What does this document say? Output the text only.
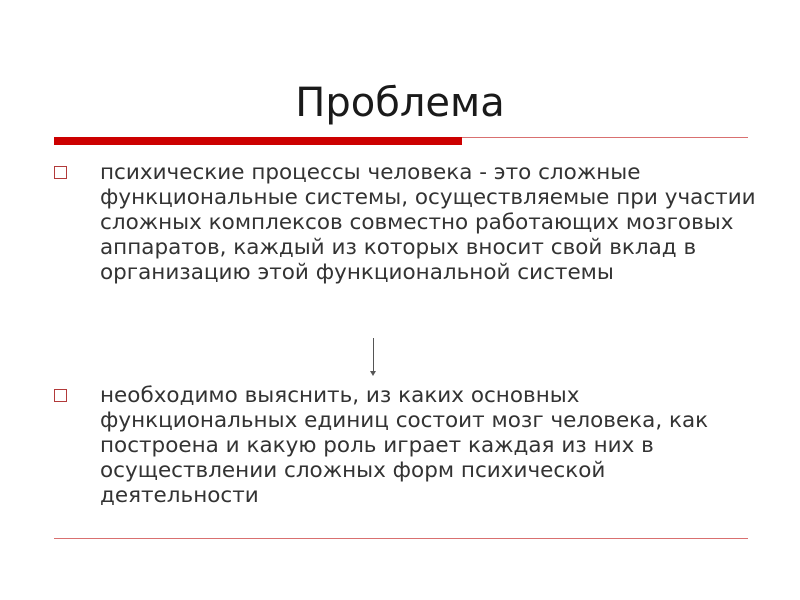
Проблема

психические процессы человека - это сложные функциональные системы, осуществляемые при участии сложных комплексов совместно работающих мозговых аппаратов, каждый из которых вносит свой вклад в организацию этой функциональной системы

необходимо выяснить, из каких основных функциональных единиц состоит мозг человека, как построена и какую роль играет каждая из них в осуществлении сложных форм психической деятельности
